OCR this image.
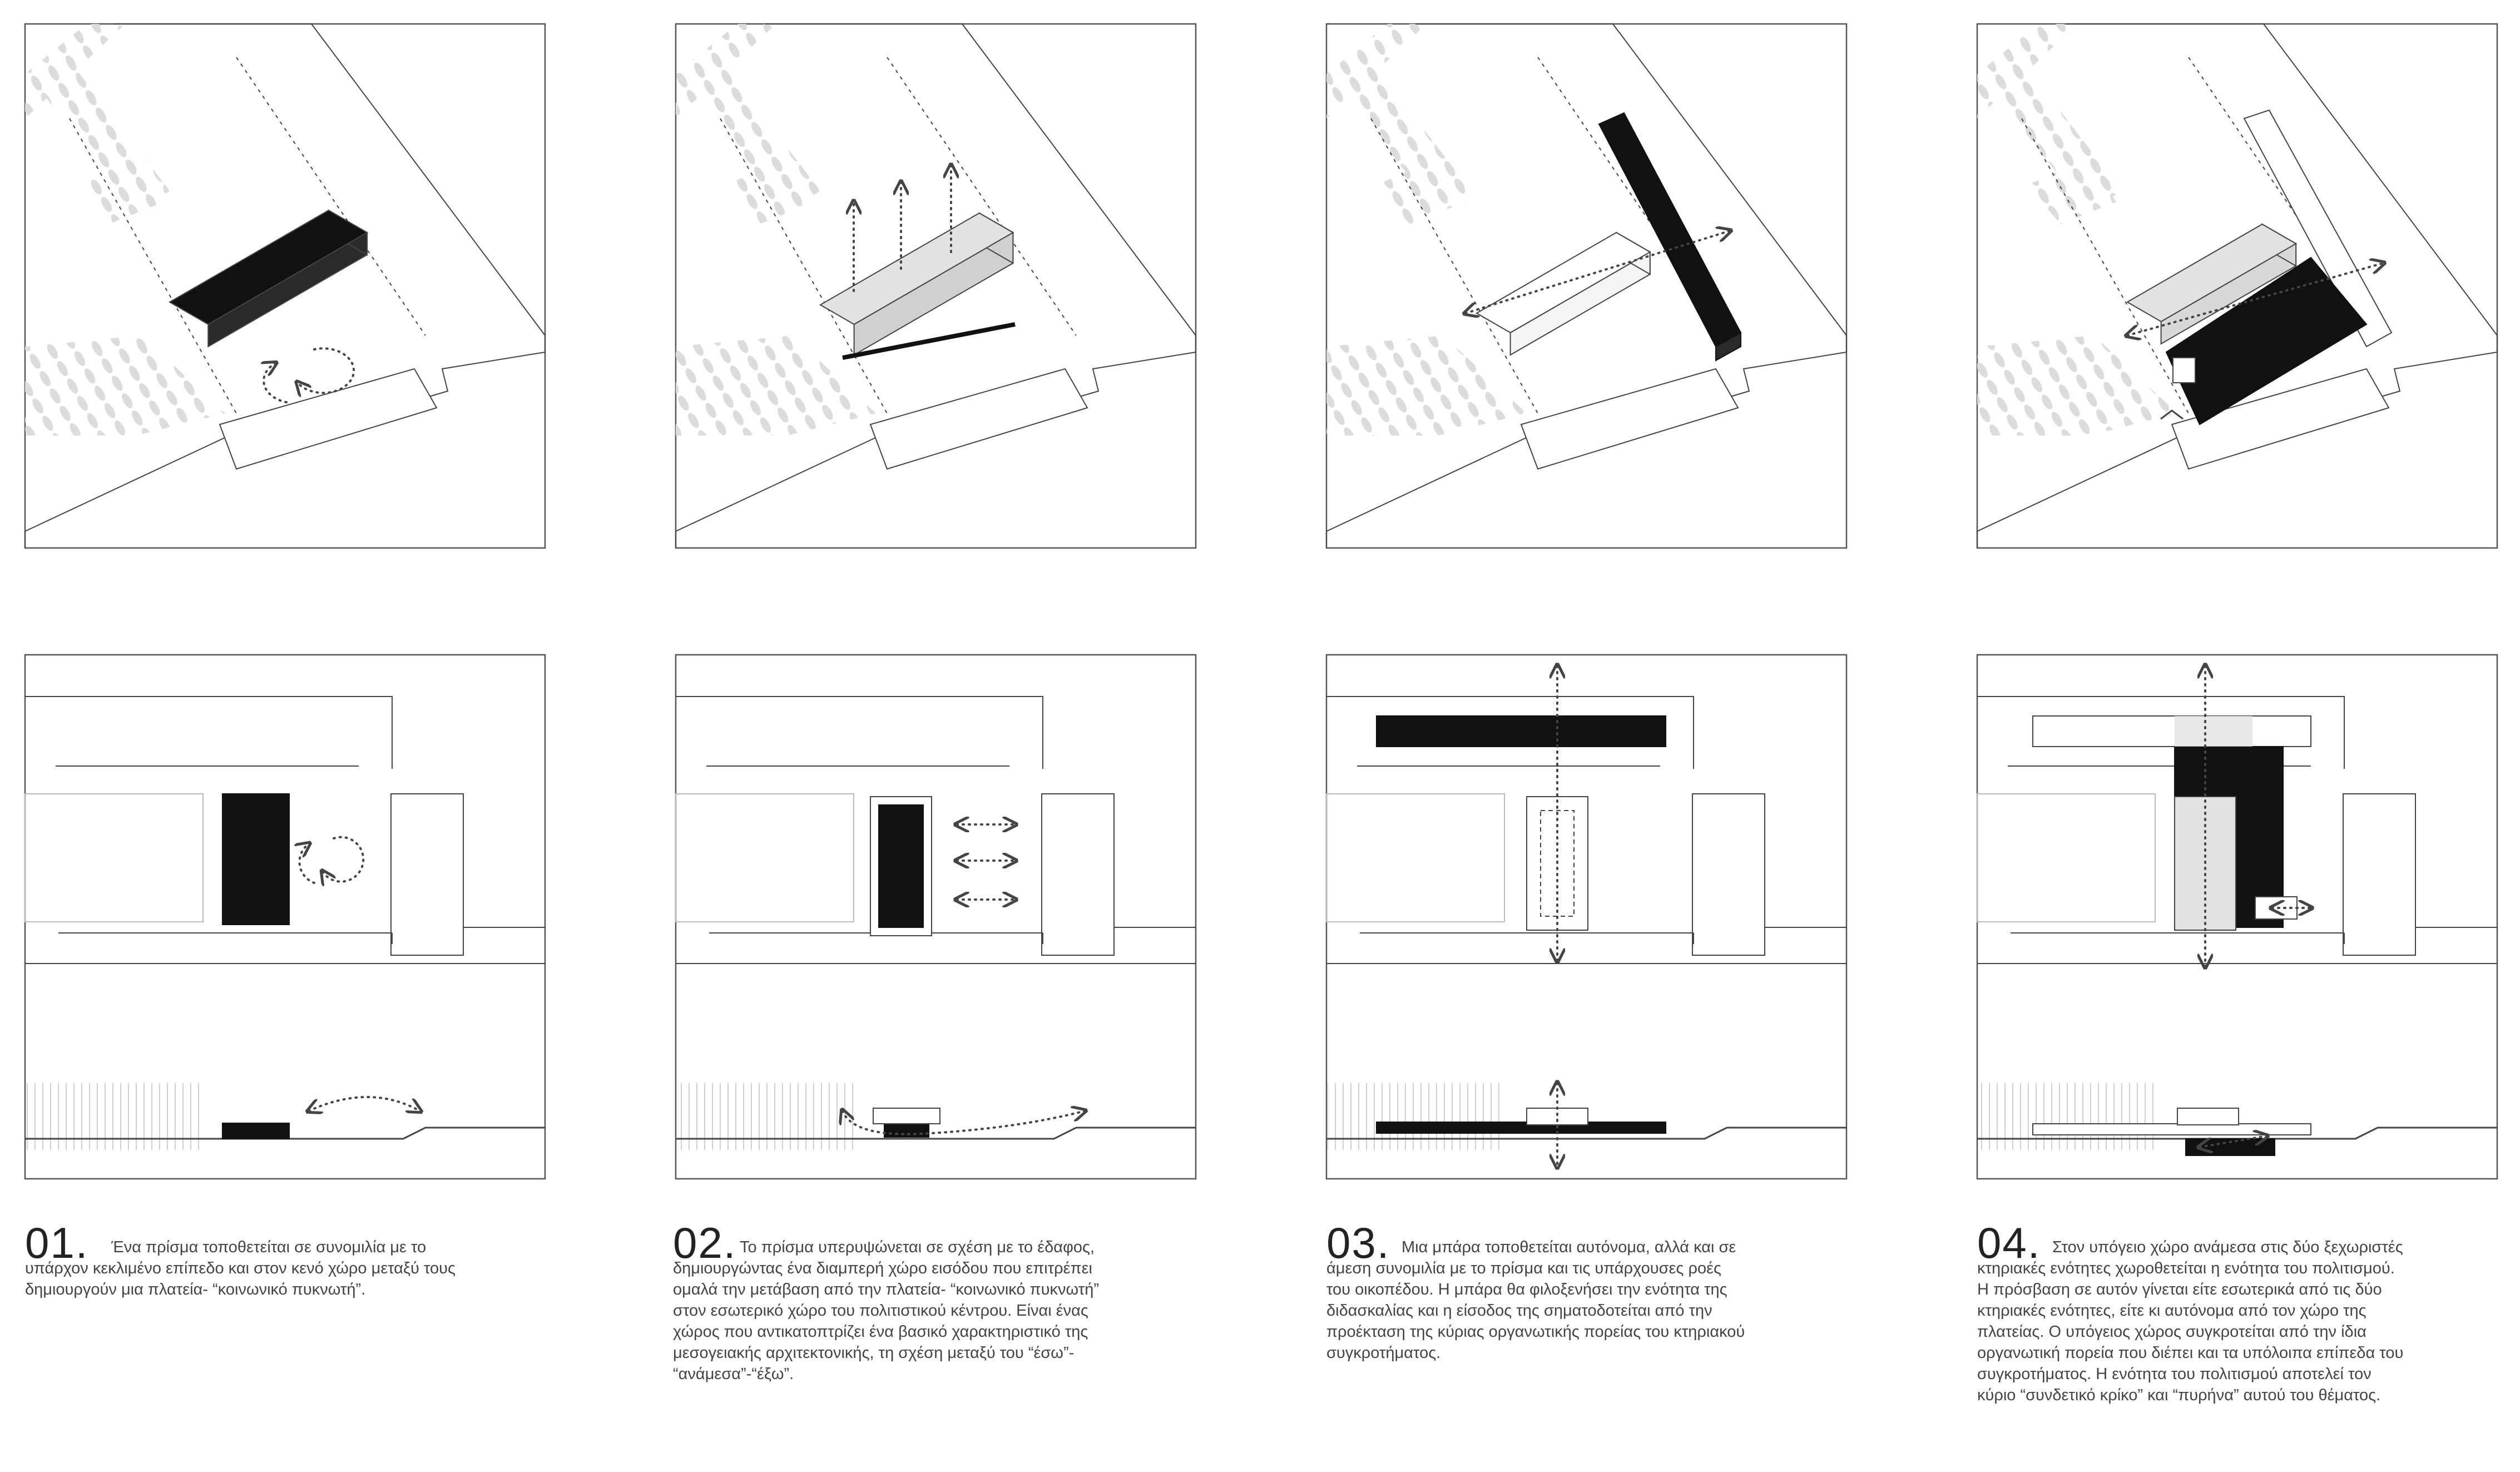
01.	Ένα πρίσμα τοποθετείται σε συνομιλία με το
υπάρχον κεκλιμένο επίπεδο και στον κενό χώρο μεταξύ τους
δημιουργούν μια πλατεία- “κοινωνικό πυκνωτή”.
02. Το πρίσμα υπερυψώνεται σε σχέση με το έδαφος,
δημιουργώντας ένα διαμπερή χώρο εισόδου που επιτρέπει
ομαλά την μετάβαση από την πλατεία- “κοινωνικό πυκνωτή”
στον εσωτερικό χώρο του πολιτιστικού κέντρου. Είναι ένας
χώρος που αντικατοπτρίζει ένα βασικό χαρακτηριστικό της
μεσογειακής αρχιτεκτονικής, τη σχέση μεταξύ του “έσω”-
“ανάμεσα”-“έξω”.
03. Μια μπάρα τοποθετείται αυτόνομα, αλλά και σε
άμεση συνομιλία με το πρίσμα και τις υπάρχουσες ροές
του οικοπέδου. Η μπάρα θα φιλοξενήσει την ενότητα της
διδασκαλίας και η είσοδος της σηματοδοτείται από την
προέκταση της κύριας οργανωτικής πορείας του κτηριακού
συγκροτήματος.
04. Στον υπόγειο χώρο ανάμεσα στις δύο ξεχωριστές
κτηριακές ενότητες χωροθετείται η ενότητα του πολιτισμού.
Η πρόσβαση σε αυτόν γίνεται είτε εσωτερικά από τις δύο
κτηριακές ενότητες, είτε κι αυτόνομα από τον χώρο της
πλατείας. Ο υπόγειος χώρος συγκροτείται από την ίδια
οργανωτική πορεία που διέπει και τα υπόλοιπα επίπεδα του
συγκροτήματος. Η ενότητα του πολιτισμού αποτελεί τον
κύριο “συνδετικό κρίκο” και “πυρήνα” αυτού του θέματος.
